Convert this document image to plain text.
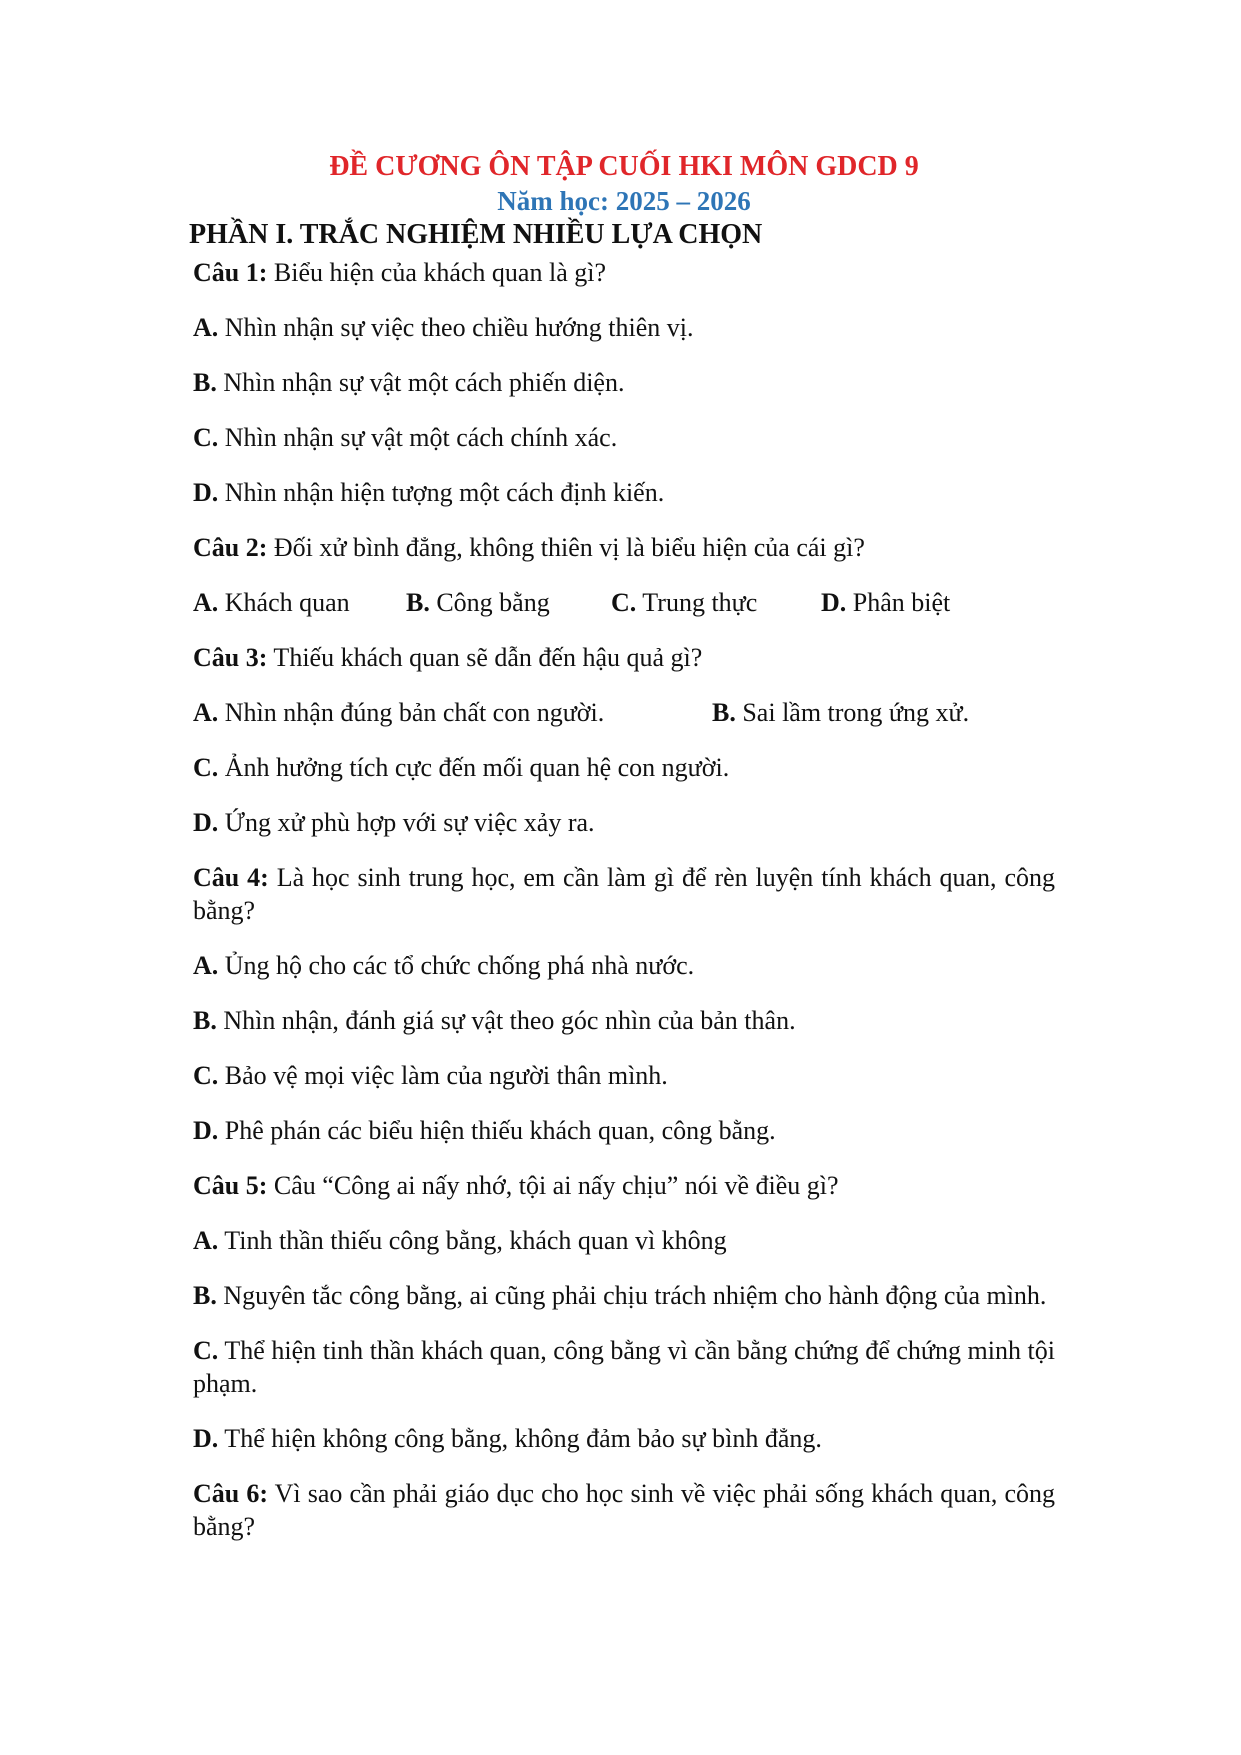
ĐỀ CƯƠNG ÔN TẬP CUỐI HKI MÔN GDCD 9
Năm học: 2025 – 2026
PHẦN I. TRẮC NGHIỆM NHIỀU LỰA CHỌN
Câu 1: Biểu hiện của khách quan là gì?
A. Nhìn nhận sự việc theo chiều hướng thiên vị.
B. Nhìn nhận sự vật một cách phiến diện.
C. Nhìn nhận sự vật một cách chính xác.
D. Nhìn nhận hiện tượng một cách định kiến.
Câu 2: Đối xử bình đẳng, không thiên vị là biểu hiện của cái gì?
A. Khách quan	B. Công bằng	C. Trung thực	D. Phân biệt
Câu 3: Thiếu khách quan sẽ dẫn đến hậu quả gì?
A. Nhìn nhận đúng bản chất con người.	B. Sai lầm trong ứng xử.
C. Ảnh hưởng tích cực đến mối quan hệ con người.
D. Ứng xử phù hợp với sự việc xảy ra.
Câu 4: Là học sinh trung học, em cần làm gì để rèn luyện tính khách quan, công bằng?
A. Ủng hộ cho các tổ chức chống phá nhà nước.
B. Nhìn nhận, đánh giá sự vật theo góc nhìn của bản thân.
C. Bảo vệ mọi việc làm của người thân mình.
D. Phê phán các biểu hiện thiếu khách quan, công bằng.
Câu 5: Câu “Công ai nấy nhớ, tội ai nấy chịu” nói về điều gì?
A. Tinh thần thiếu công bằng, khách quan vì không
B. Nguyên tắc công bằng, ai cũng phải chịu trách nhiệm cho hành động của mình.
C. Thể hiện tinh thần khách quan, công bằng vì cần bằng chứng để chứng minh tội phạm.
D. Thể hiện không công bằng, không đảm bảo sự bình đẳng.
Câu 6: Vì sao cần phải giáo dục cho học sinh về việc phải sống khách quan, công bằng?
